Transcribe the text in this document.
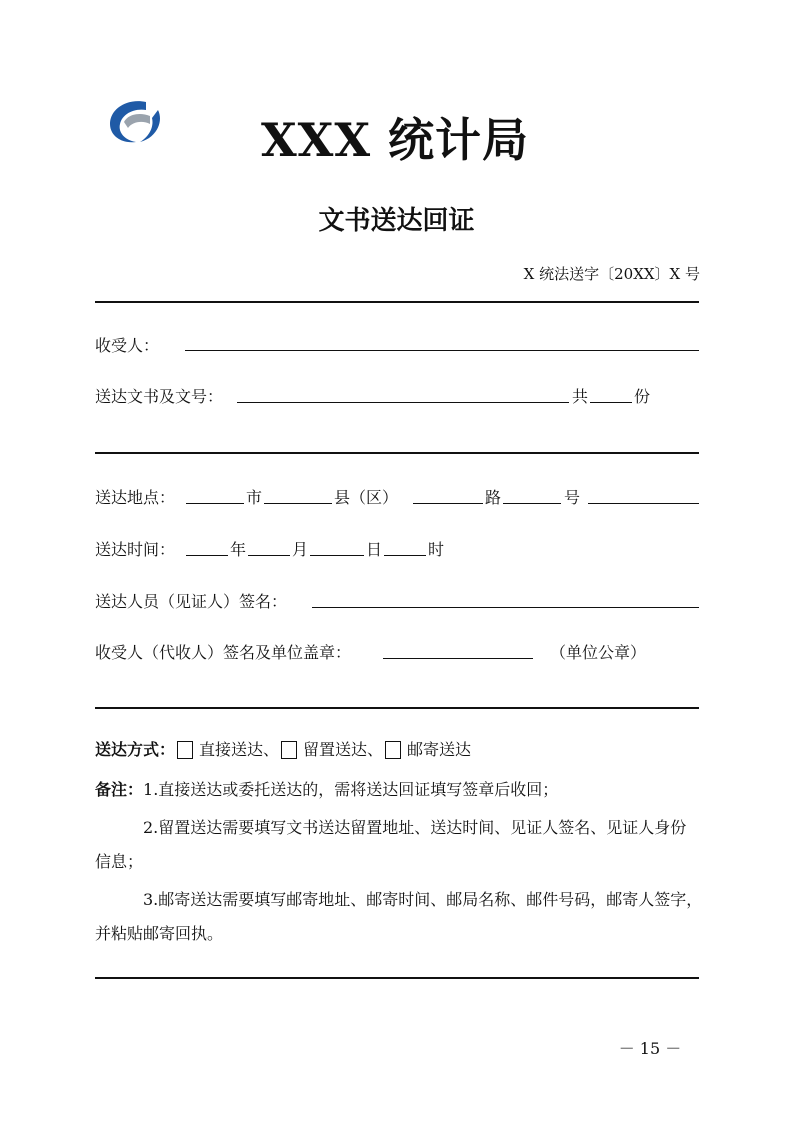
XXX 统计局
文书送达回证
X 统法送字〔20XX〕X 号
收受人：
送达文书及文号：	共	份
送达地点：	市	县（区）	路	号
送达时间：	年	月	日	时
送达人员（见证人）签名：
收受人（代收人）签名及单位盖章：	（单位公章）
送达方式： 直接送达、 留置送达、 邮寄送达
备注：1.直接送达或委托送达的，需将送达回证填写签章后收回；
2.留置送达需要填写文书送达留置地址、送达时间、见证人签名、见证人身份
信息；
3.邮寄送达需要填写邮寄地址、邮寄时间、邮局名称、邮件号码，邮寄人签字，
并粘贴邮寄回执。
－ 15 －
